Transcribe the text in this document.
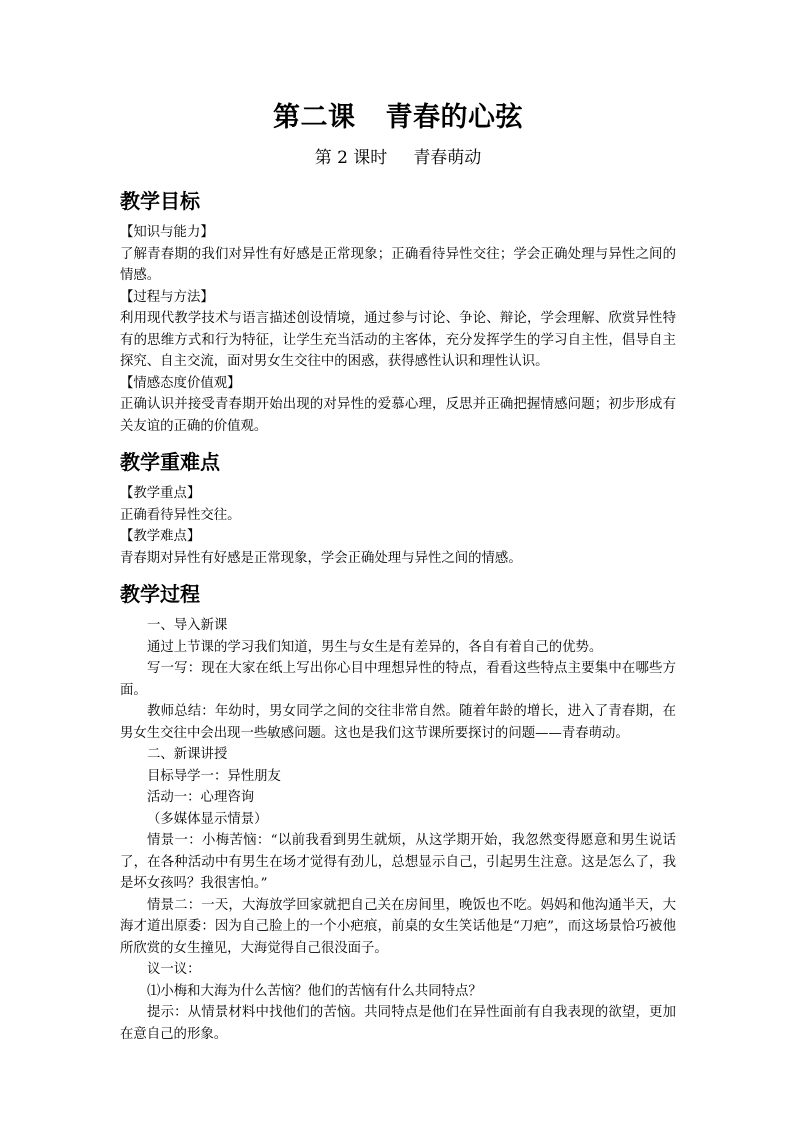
第二课 青春的心弦
第 2 课时 青春萌动
教学目标

【知识与能力】

了解青春期的我们对异性有好感是正常现象；正确看待异性交往；学会正确处理与异性之间的情感。

【过程与方法】

利用现代教学技术与语言描述创设情境，通过参与讨论、争论、辩论，学会理解、欣赏异性特有的思维方式和行为特征，让学生充当活动的主客体，充分发挥学生的学习自主性，倡导自主探究、自主交流，面对男女生交往中的困惑，获得感性认识和理性认识。

【情感态度价值观】

正确认识并接受青春期开始出现的对异性的爱慕心理，反思并正确把握情感问题；初步形成有关友谊的正确的价值观。

教学重难点

【教学重点】

正确看待异性交往。

【教学难点】

青春期对异性有好感是正常现象，学会正确处理与异性之间的情感。

教学过程

一、导入新课

通过上节课的学习我们知道，男生与女生是有差异的，各自有着自己的优势。

写一写：现在大家在纸上写出你心目中理想异性的特点，看看这些特点主要集中在哪些方面。

教师总结：年幼时，男女同学之间的交往非常自然。随着年龄的增长，进入了青春期，在男女生交往中会出现一些敏感问题。这也是我们这节课所要探讨的问题——青春萌动。

二、新课讲授

目标导学一：异性朋友

活动一：心理咨询

（多媒体显示情景）

情景一：小梅苦恼：“以前我看到男生就烦，从这学期开始，我忽然变得愿意和男生说话了，在各种活动中有男生在场才觉得有劲儿，总想显示自己，引起男生注意。这是怎么了，我是坏女孩吗？我很害怕。”

情景二：一天，大海放学回家就把自己关在房间里，晚饭也不吃。妈妈和他沟通半天，大海才道出原委：因为自己脸上的一个小疤痕，前桌的女生笑话他是“刀疤”，而这场景恰巧被他所欣赏的女生撞见，大海觉得自己很没面子。

议一议：

⑴小梅和大海为什么苦恼？他们的苦恼有什么共同特点？

提示：从情景材料中找他们的苦恼。共同特点是他们在异性面前有自我表现的欲望，更加在意自己的形象。
